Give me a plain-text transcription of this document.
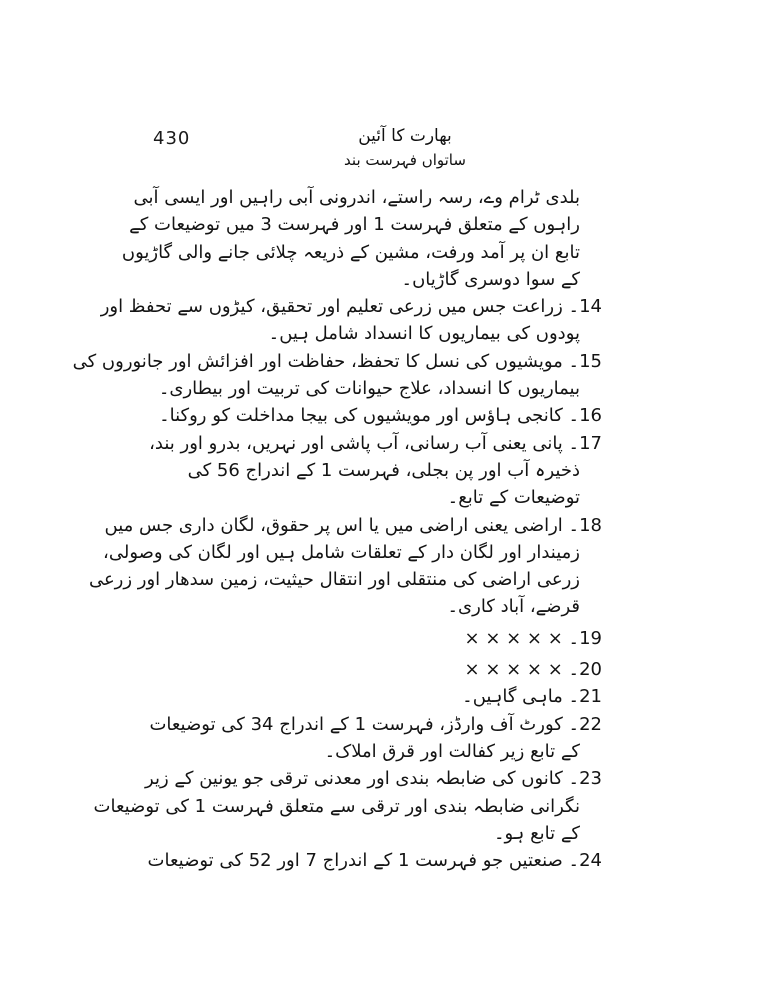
430	بھارت کا آئین
ساتواں فہرست بند
بلدی ٹرام وے، رسہ راستے، اندرونی آبی راہیں اور ایسی آبی
راہوں کے متعلق فہرست 1 اور فہرست 3 میں توضیعات کے
تابع ان پر آمد ورفت، مشین کے ذریعہ چلائی جانے والی گاڑیوں
کے سوا دوسری گاڑیاں۔
14۔ زراعت جس میں زرعی تعلیم اور تحقیق، کیڑوں سے تحفظ اور
پودوں کی بیماریوں کا انسداد شامل ہیں۔
15۔ مویشیوں کی نسل کا تحفظ، حفاظت اور افزائش اور جانوروں کی
بیماریوں کا انسداد، علاج حیوانات کی تربیت اور بیطاری۔
16۔ کانجی ہاؤس اور مویشیوں کی بیجا مداخلت کو روکنا۔
17۔ پانی یعنی آب رسانی، آب پاشی اور نہریں، بدرو اور بند،
ذخیرہ آب اور پن بجلی، فہرست 1 کے اندراج 56 کی
توضیعات کے تابع۔
18۔ اراضی یعنی اراضی میں یا اس پر حقوق، لگان داری جس میں
زمیندار اور لگان دار کے تعلقات شامل ہیں اور لگان کی وصولی،
زرعی اراضی کی منتقلی اور انتقال حیثیت، زمین سدھار اور زرعی
قرضے، آباد کاری۔
19۔ × × × × ×
20۔ × × × × ×
21۔ ماہی گاہیں۔
22۔ کورٹ آف وارڈز، فہرست 1 کے اندراج 34 کی توضیعات
کے تابع زیر کفالت اور قرق املاک۔
23۔ کانوں کی ضابطہ بندی اور معدنی ترقی جو یونین کے زیر
نگرانی ضابطہ بندی اور ترقی سے متعلق فہرست 1 کی توضیعات
کے تابع ہو۔
24۔ صنعتیں جو فہرست 1 کے اندراج 7 اور 52 کی توضیعات
